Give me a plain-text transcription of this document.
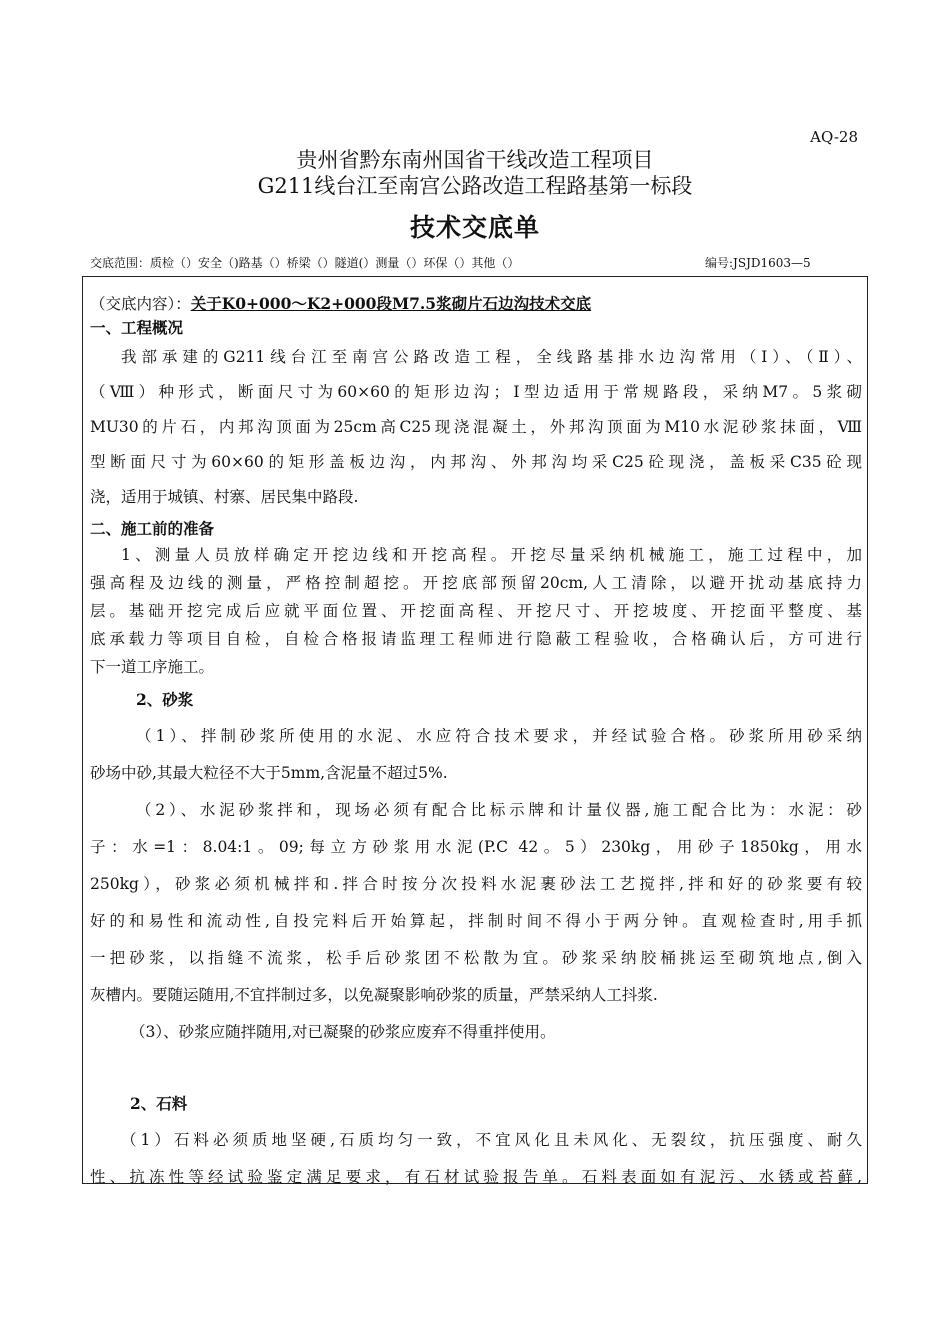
AQ-28
贵州省黔东南州国省干线改造工程项目
G211线台江至南宫公路改造工程路基第一标段
技术交底单
交底范围：质检（）安全（)路基（）桥梁（）隧道(）测量（）环保（）其他（）	编号:JSJD1603—5
（交底内容）：关于K0+000～K2+000段M7.5浆砌片石边沟技术交底
一、工程概况
我部承建的G211线台江至南宫公路改造工程，全线路基排水边沟常用（Ⅰ）、（Ⅱ）、
（Ⅷ）种形式，断面尺寸为60×60的矩形边沟；Ⅰ型边适用于常规路段，采纳M7。5浆砌
MU30的片石，内邦沟顶面为25cm高C25现浇混凝土，外邦沟顶面为M10水泥砂浆抹面，Ⅷ
型断面尺寸为60×60的矩形盖板边沟，内邦沟、外邦沟均采C25砼现浇，盖板采C35砼现
浇，适用于城镇、村寨、居民集中路段.
二、施工前的准备
1、测量人员放样确定开挖边线和开挖高程。开挖尽量采纳机械施工，施工过程中，加
强高程及边线的测量，严格控制超挖。开挖底部预留20cm,人工清除，以避开扰动基底持力
层。基础开挖完成后应就平面位置、开挖面高程、开挖尺寸、开挖坡度、开挖面平整度、基
底承载力等项目自检，自检合格报请监理工程师进行隐蔽工程验收，合格确认后，方可进行
下一道工序施工。
2、砂浆
（1）、拌制砂浆所使用的水泥、水应符合技术要求，并经试验合格。砂浆所用砂采纳
砂场中砂,其最大粒径不大于5mm,含泥量不超过5%.
（2）、水泥砂浆拌和，现场必须有配合比标示牌和计量仪器,施工配合比为：水泥：砂
子：水=1：8.04:1。09;每立方砂浆用水泥(P.C 42。5）230kg，用砂子1850kg，用水
250kg），砂浆必须机械拌和.拌合时按分次投料水泥裹砂法工艺搅拌,拌和好的砂浆要有较
好的和易性和流动性,自投完料后开始算起，拌制时间不得小于两分钟。直观检查时,用手抓
一把砂浆，以指缝不流浆，松手后砂浆团不松散为宜。砂浆采纳胶桶挑运至砌筑地点,倒入
灰槽内。要随运随用,不宜拌制过多，以免凝聚影响砂浆的质量，严禁采纳人工抖浆.
（3）、砂浆应随拌随用,对已凝聚的砂浆应废弃不得重拌使用。
2、石料
（1）石料必须质地坚硬,石质均匀一致，不宜风化且未风化、无裂纹，抗压强度、耐久
性、抗冻性等经试验鉴定满足要求，有石材试验报告单。石料表面如有泥污、水锈或苔藓,
